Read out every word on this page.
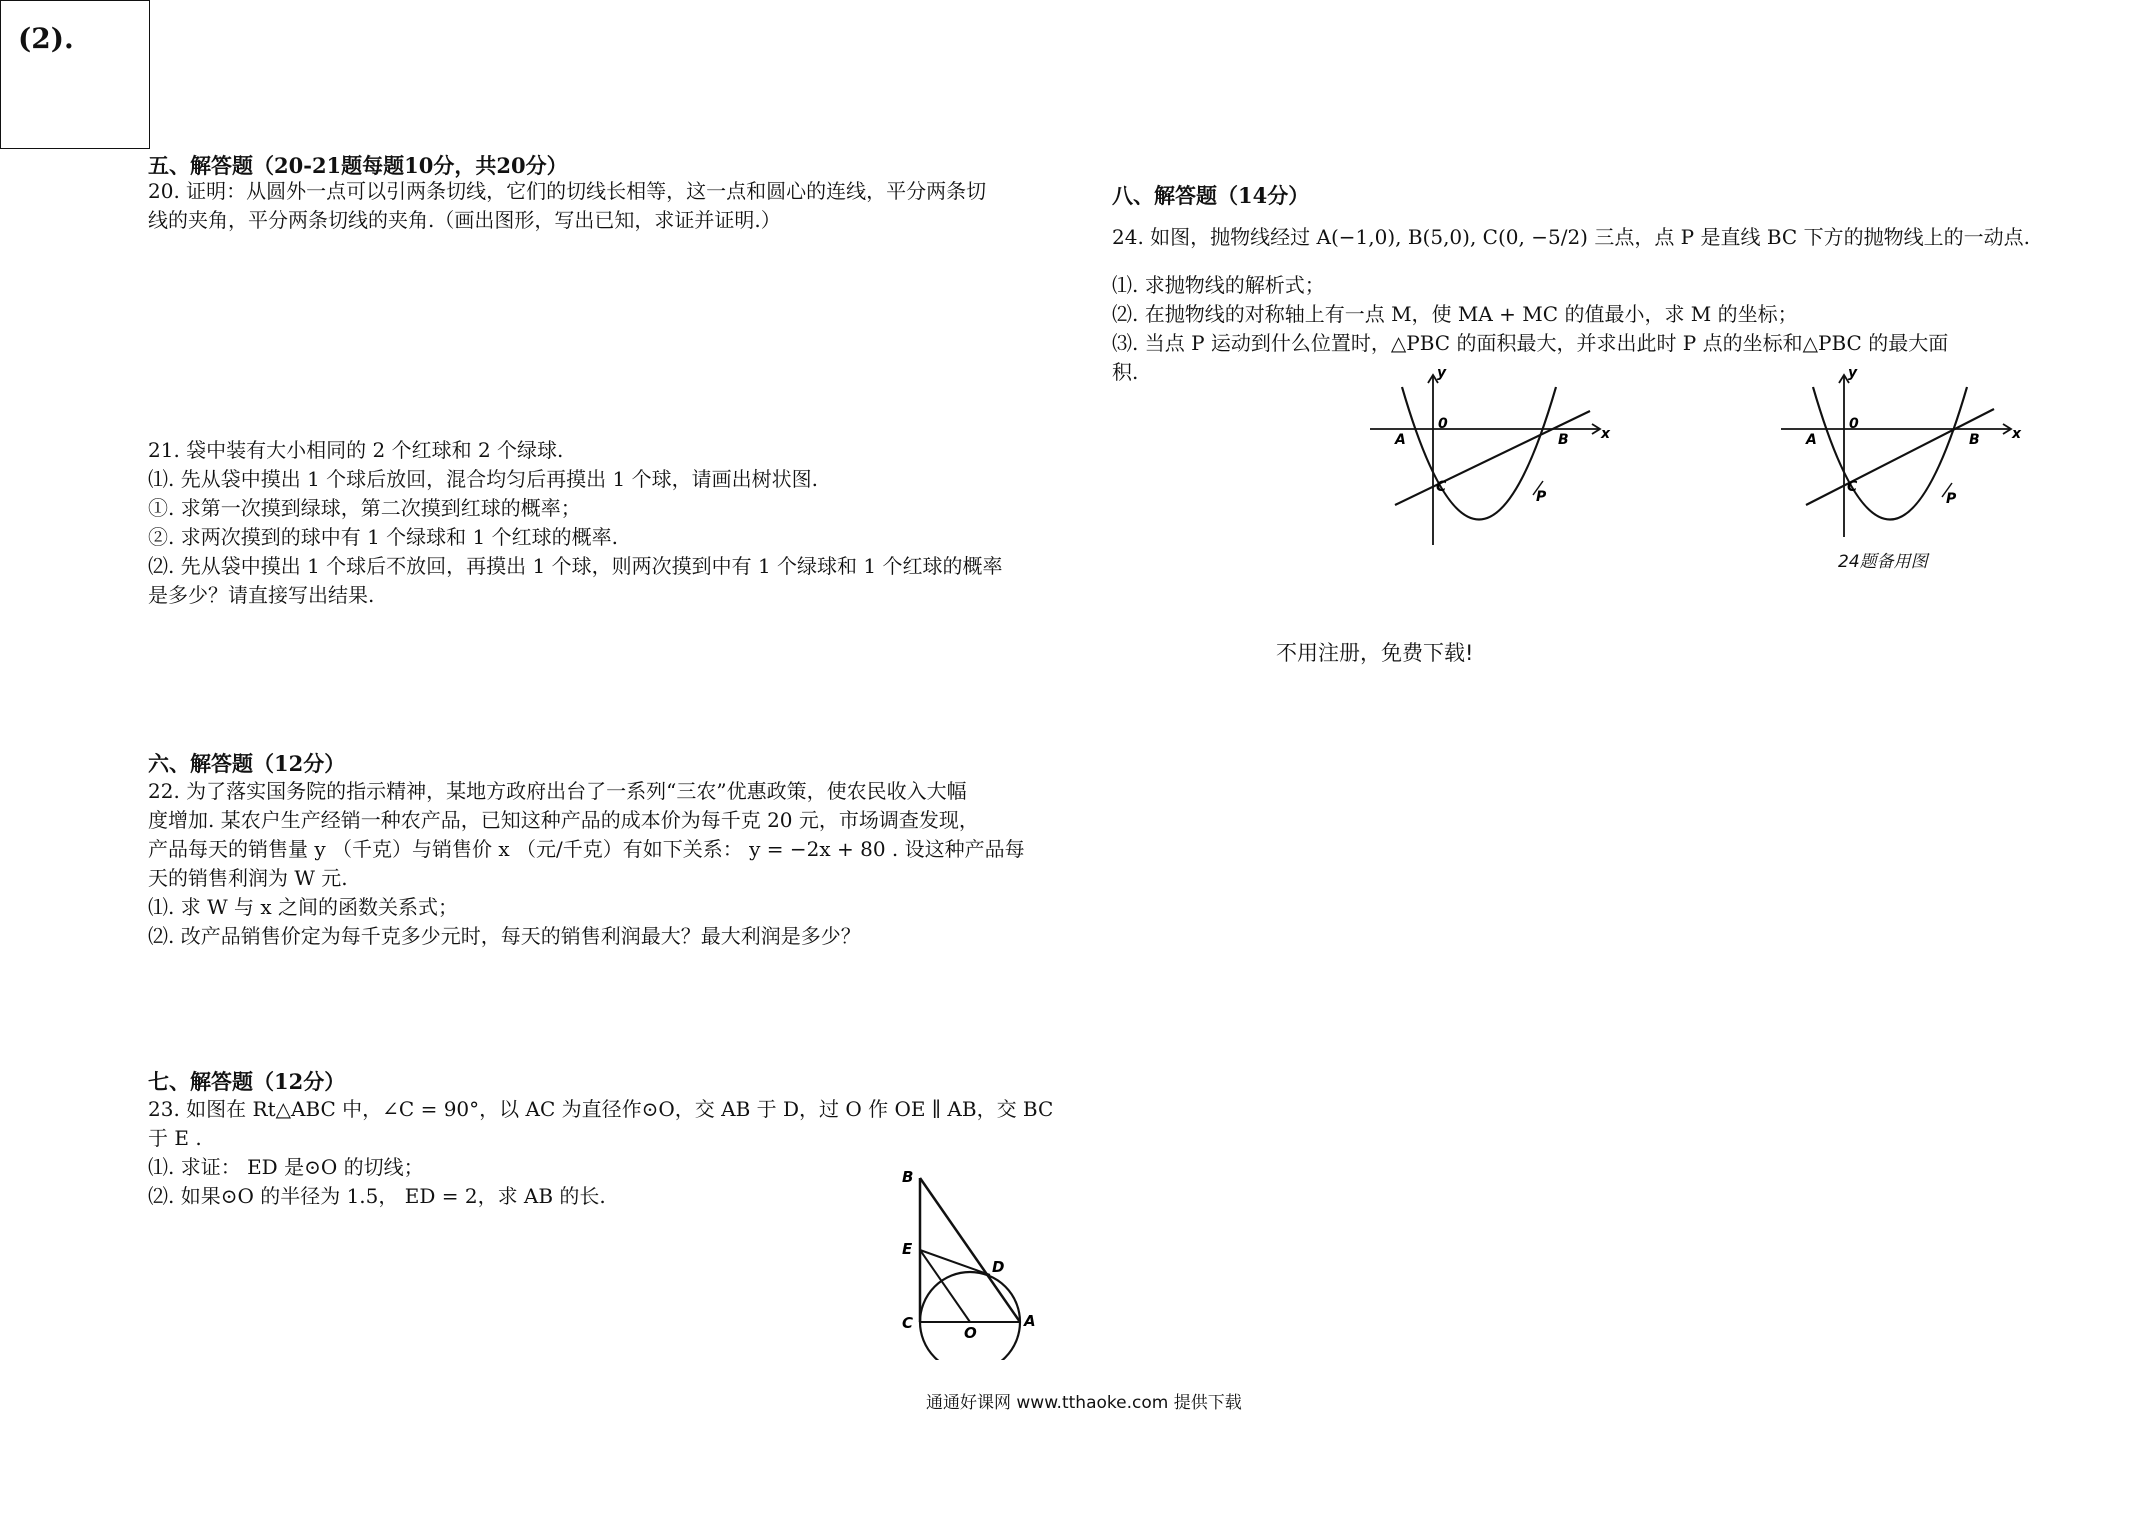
(2).
五、解答题（20-21题每题10分，共20分）
20. 证明：从圆外一点可以引两条切线，它们的切线长相等，这一点和圆心的连线，平分两条切
线的夹角，平分两条切线的夹角.（画出图形，写出已知，求证并证明.）
21. 袋中装有大小相同的 2 个红球和 2 个绿球.
⑴. 先从袋中摸出 1 个球后放回，混合均匀后再摸出 1 个球，请画出树状图.
①. 求第一次摸到绿球，第二次摸到红球的概率；
②. 求两次摸到的球中有 1 个绿球和 1 个红球的概率.
⑵. 先从袋中摸出 1 个球后不放回，再摸出 1 个球，则两次摸到中有 1 个绿球和 1 个红球的概率
是多少？请直接写出结果.
六、解答题（12分）
22. 为了落实国务院的指示精神，某地方政府出台了一系列“三农”优惠政策，使农民收入大幅
度增加. 某农户生产经销一种农产品，已知这种产品的成本价为每千克 20 元，市场调查发现，
产品每天的销售量 y （千克）与销售价 x （元/千克）有如下关系： y = −2x + 80 . 设这种产品每
天的销售利润为 W 元.
⑴. 求 W 与 x 之间的函数关系式；
⑵. 改产品销售价定为每千克多少元时，每天的销售利润最大？最大利润是多少？
七、解答题（12分）
23. 如图在 Rt△ABC 中，∠C = 90°，以 AC 为直径作⊙O，交 AB 于 D，过 O 作 OE ∥ AB，交 BC
于 E .
⑴. 求证： ED 是⊙O 的切线；
⑵. 如果⊙O 的半径为 1.5， ED = 2，求 AB 的长.
B
E
D
C
O
A
八、解答题（14分）
24. 如图，抛物线经过 A(−1,0), B(5,0), C(0, −5/2) 三点，点 P 是直线 BC 下方的抛物线上的一动点.
⑴. 求抛物线的解析式；
⑵. 在抛物线的对称轴上有一点 M，使 MA + MC 的值最小，求 M 的坐标；
⑶. 当点 P 运动到什么位置时，△PBC 的面积最大，并求出此时 P 点的坐标和△PBC 的最大面
积.	y
x
0
A	B
C
P
y
x
0
A	B
C
P
24题备用图
不用注册，免费下载!
通通好课网 www.tthaoke.com 提供下载
